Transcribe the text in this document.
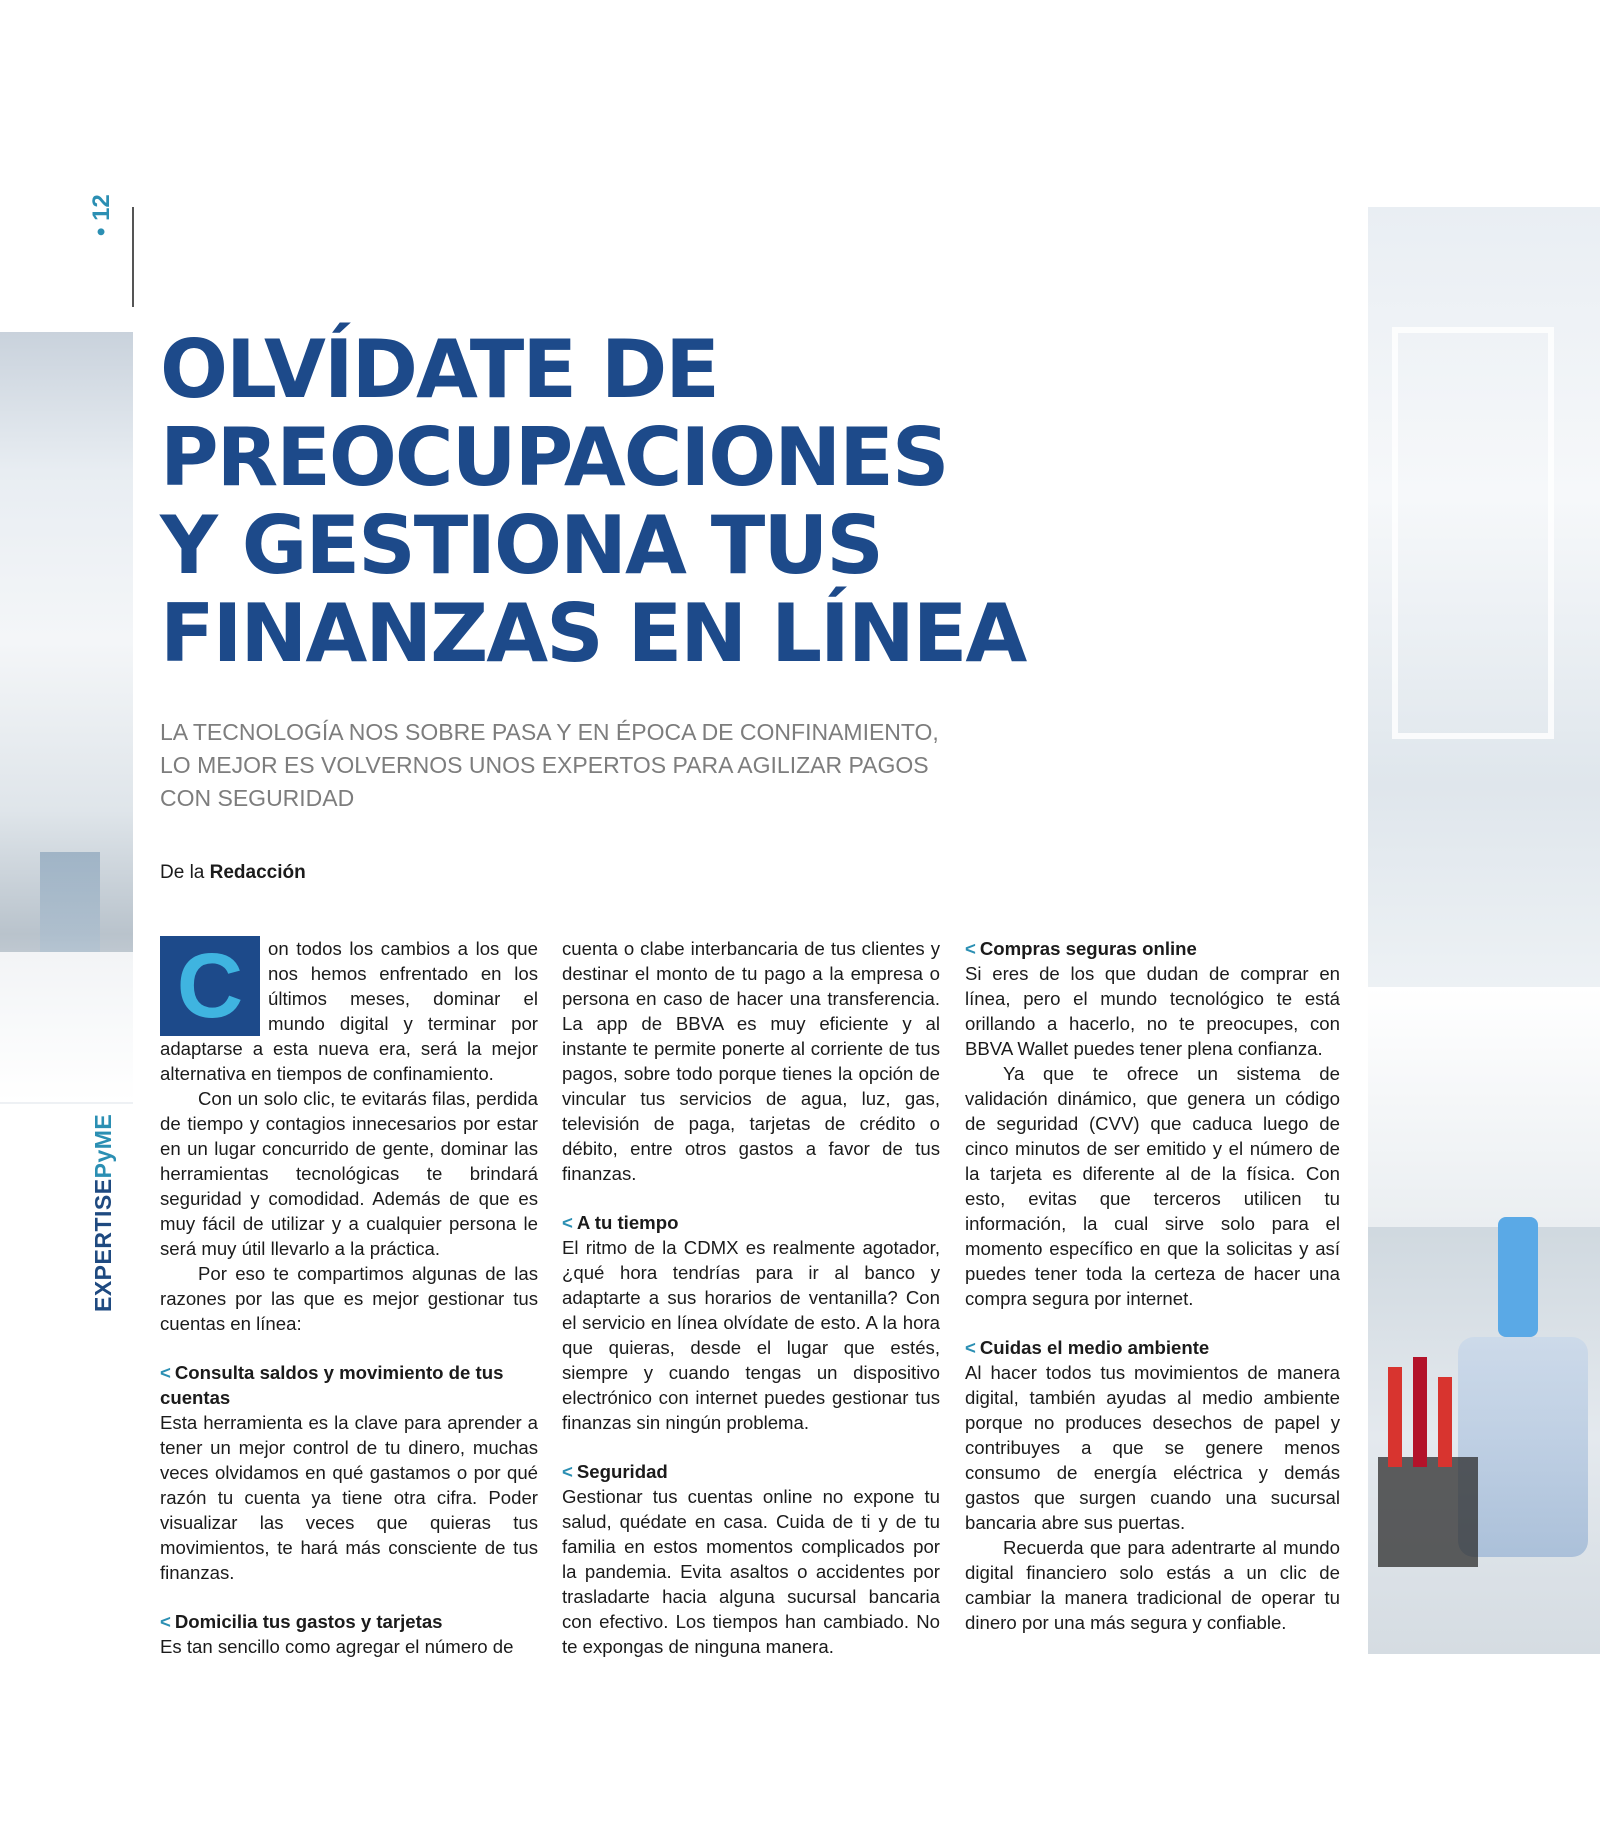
• 12
EXPERTISEPyME
OLVÍDATE DE
PREOCUPACIONES
Y GESTIONA TUS
FINANZAS EN LÍNEA
LA TECNOLOGÍA NOS SOBRE PASA Y EN ÉPOCA DE CONFINAMIENTO,
LO MEJOR ES VOLVERNOS UNOS EXPERTOS PARA AGILIZAR PAGOS
CON SEGURIDAD
De la Redacción
C	on todos los cambios a los que nos hemos enfrentado en los últimos meses, dominar el mundo digital y terminar por adaptarse a esta nueva era, será la mejor alternativa en tiempos de confinamiento.

Con un solo clic, te evitarás filas, perdida de tiempo y contagios innecesarios por estar en un lugar concurrido de gente, dominar las herramientas tecnológicas te brindará seguridad y comodidad. Además de que es muy fácil de utilizar y a cualquier persona le será muy útil llevarlo a la práctica.

Por eso te compartimos algunas de las razones por las que es mejor gestionar tus cuentas en línea:

< Consulta saldos y movimiento de tus cuentas

Esta herramienta es la clave para aprender a tener un mejor control de tu dinero, muchas veces olvidamos en qué gastamos o por qué razón tu cuenta ya tiene otra cifra. Poder visualizar las veces que quieras tus movimientos, te hará más consciente de tus finanzas.

< Domicilia tus gastos y tarjetas

Es tan sencillo como agregar el número de

cuenta o clabe interbancaria de tus clientes y destinar el monto de tu pago a la empresa o persona en caso de hacer una transferencia. La app de BBVA es muy eficiente y al instante te permite ponerte al corriente de tus pagos, sobre todo porque tienes la opción de vincular tus servicios de agua, luz, gas, televisión de paga, tarjetas de crédito o débito, entre otros gastos a favor de tus finanzas.

< A tu tiempo

El ritmo de la CDMX es realmente agotador, ¿qué hora tendrías para ir al banco y adaptarte a sus horarios de ventanilla? Con el servicio en línea olvídate de esto. A la hora que quieras, desde el lugar que estés, siempre y cuando tengas un dispositivo electrónico con internet puedes gestionar tus finanzas sin ningún problema.

< Seguridad

Gestionar tus cuentas online no expone tu salud, quédate en casa. Cuida de ti y de tu familia en estos momentos complicados por la pandemia. Evita asaltos o accidentes por trasladarte hacia alguna sucursal bancaria con efectivo. Los tiempos han cambiado. No te expongas de ninguna manera.

< Compras seguras online

Si eres de los que dudan de comprar en línea, pero el mundo tecnológico te está orillando a hacerlo, no te preocupes, con BBVA Wallet puedes tener plena confianza.

Ya que te ofrece un sistema de validación dinámico, que genera un código de seguridad (CVV) que caduca luego de cinco minutos de ser emitido y el número de la tarjeta es diferente al de la física. Con esto, evitas que terceros utilicen tu información, la cual sirve solo para el momento específico en que la solicitas y así puedes tener toda la certeza de hacer una compra segura por internet.

< Cuidas el medio ambiente

Al hacer todos tus movimientos de manera digital, también ayudas al medio ambiente porque no produces desechos de papel y contribuyes a que se genere menos consumo de energía eléctrica y demás gastos que surgen cuando una sucursal bancaria abre sus puertas.

Recuerda que para adentrarte al mundo digital financiero solo estás a un clic de cambiar la manera tradicional de operar tu dinero por una más segura y confiable.
